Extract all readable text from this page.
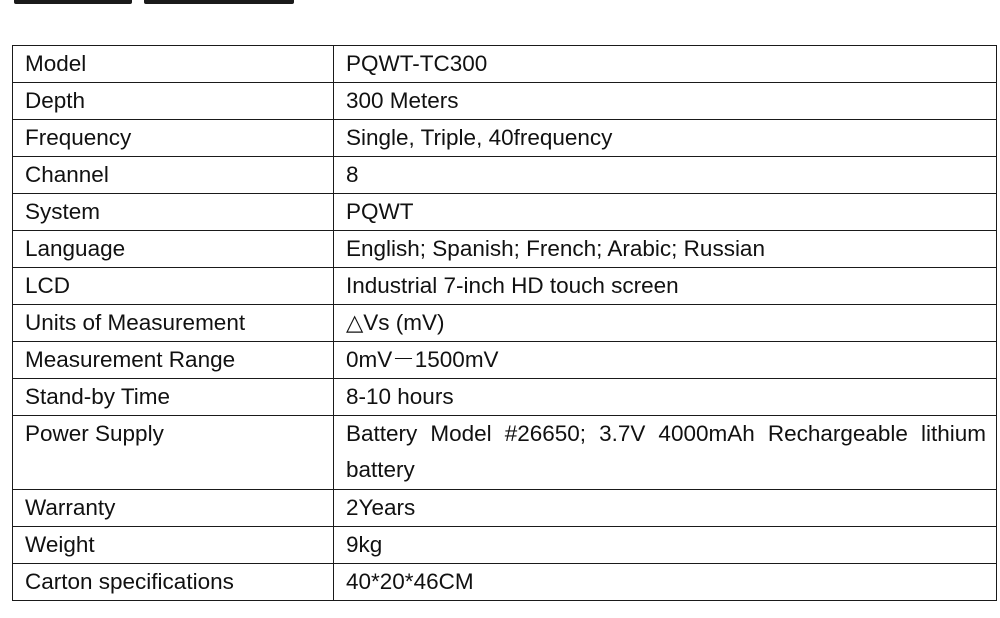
Model	PQWT-TC300
Depth	300 Meters
Frequency	Single, Triple, 40frequency
Channel	8
System	PQWT
Language	English; Spanish; French; Arabic; Russian
LCD	Industrial 7-inch HD touch screen
Units of Measurement	△Vs (mV)
Measurement Range	0mV－1500mV
Stand-by Time	8-10 hours
Power Supply	Battery Model #26650; 3.7V 4000mAh Rechargeable lithium battery
Warranty	2Years
Weight	9kg
Carton specifications	40*20*46CM
